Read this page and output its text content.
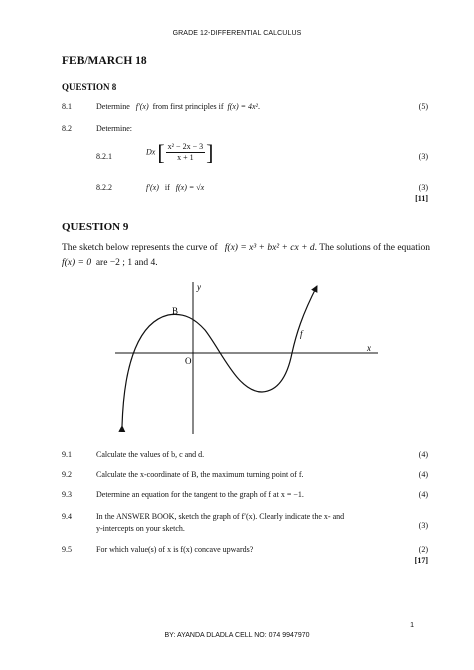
GRADE 12-DIFFERENTIAL CALCULUS
FEB/MARCH 18
QUESTION 8
8.1	Determine f′(x) from first principles if f(x) = 4x².	(5)
8.2	Determine:
8.2.1
Dx [ $\frac{\text{x² − 2x − 3}}{x + 1}$ ]	(3)
8.2.2	f′(x) if f(x) = √x	(3)
[11]
QUESTION 9
The sketch below represents the curve of f(x) = x³ + bx² + cx + d. The solutions of the equation  f(x) = 0 are −2 ; 1 and 4.
y
x
O
B
f
9.1	Calculate the values of b, c and d.	(4)
9.2	Calculate the x-coordinate of B, the maximum turning point of f.	(4)
9.3	Determine an equation for the tangent to the graph of f at x = −1.	(4)
9.4	In the ANSWER BOOK, sketch the graph of f′(x). Clearly indicate the x- and
y-intercepts on your sketch.	(3)
9.5	For which value(s) of x is f(x) concave upwards?	(2)
[17]
1
BY: AYANDA DLADLA CELL NO: 074 9947970
